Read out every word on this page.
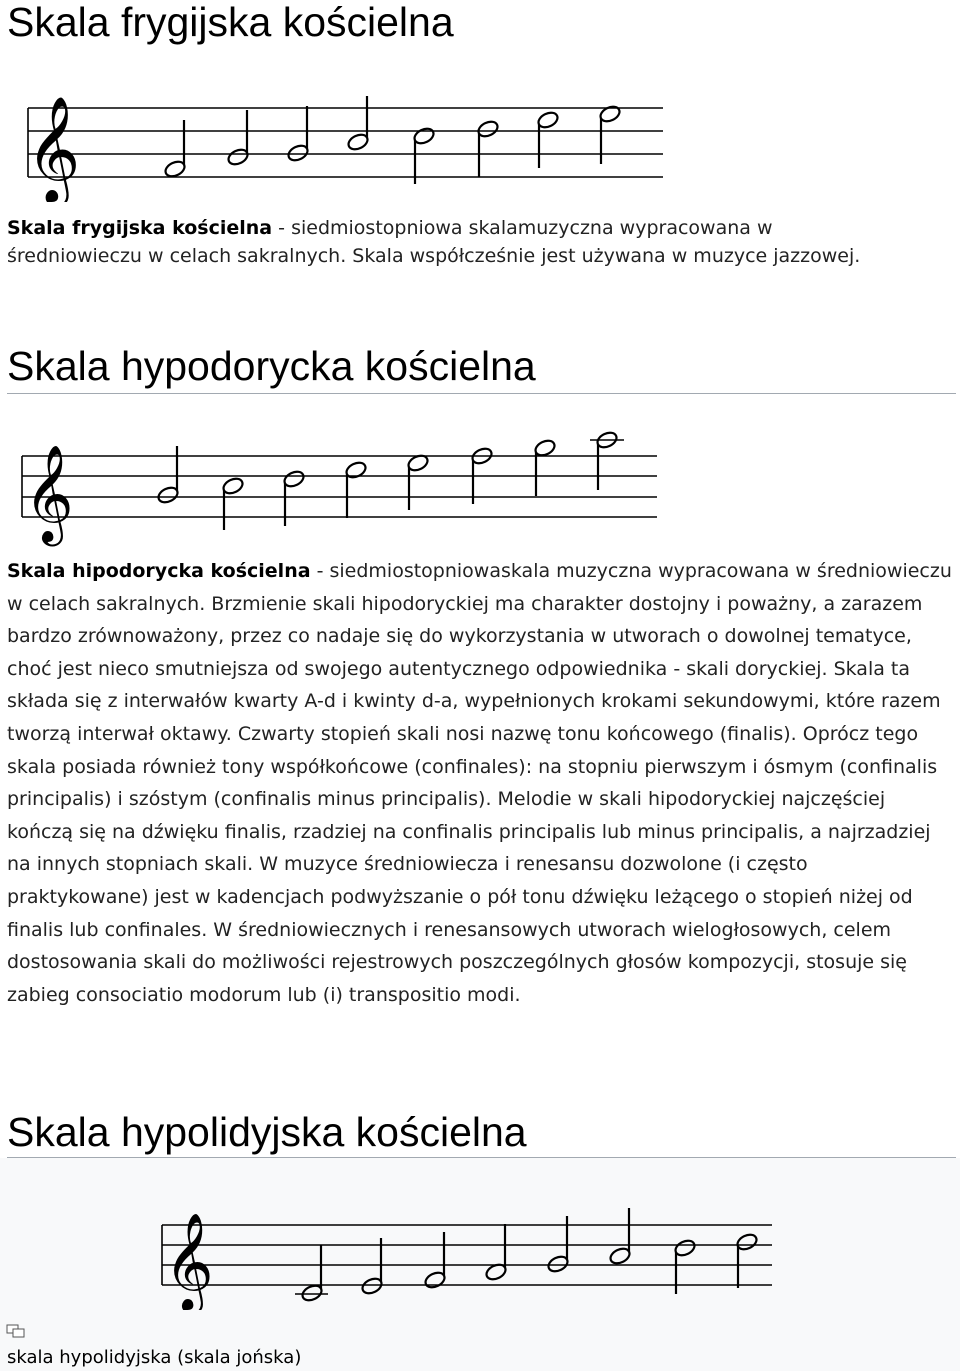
Skala frygijska kościelna
𝄞

Skala frygijska kościelna - siedmiostopniowa skalamuzyczna wypracowana w średniowieczu w celach sakralnych. Skala współcześnie jest używana w muzyce jazzowej.

Skala hypodorycka kościelna
𝄞

Skala hipodorycka kościelna - siedmiostopniowaskala muzyczna wypracowana w średniowieczu w celach sakralnych. Brzmienie skali hipodoryckiej ma charakter dostojny i poważny, a zarazem bardzo zrównoważony, przez co nadaje się do wykorzystania w utworach o dowolnej tematyce, choć jest nieco smutniejsza od swojego autentycznego odpowiednika - skali doryckiej. Skala ta składa się z interwałów kwarty A-d i kwinty d-a, wypełnionych krokami sekundowymi, które razem tworzą interwał oktawy. Czwarty stopień skali nosi nazwę tonu końcowego (finalis). Oprócz tego skala posiada również tony współkońcowe (confinales): na stopniu pierwszym i ósmym (confinalis principalis) i szóstym (confinalis minus principalis). Melodie w skali hipodoryckiej najczęściej kończą się na dźwięku finalis, rzadziej na confinalis principalis lub minus principalis, a najrzadziej na innych stopniach skali. W muzyce średniowiecza i renesansu dozwolone (i często praktykowane) jest w kadencjach podwyższanie o pół tonu dźwięku leżącego o stopień niżej od finalis lub confinales. W średniowiecznych i renesansowych utworach wielogłosowych, celem dostosowania skali do możliwości rejestrowych poszczególnych głosów kompozycji, stosuje się zabieg consociatio modorum lub (i) transpositio modi.

Skala hypolidyjska kościelna
𝄞

skala hypolidyjska (skala jońska)
